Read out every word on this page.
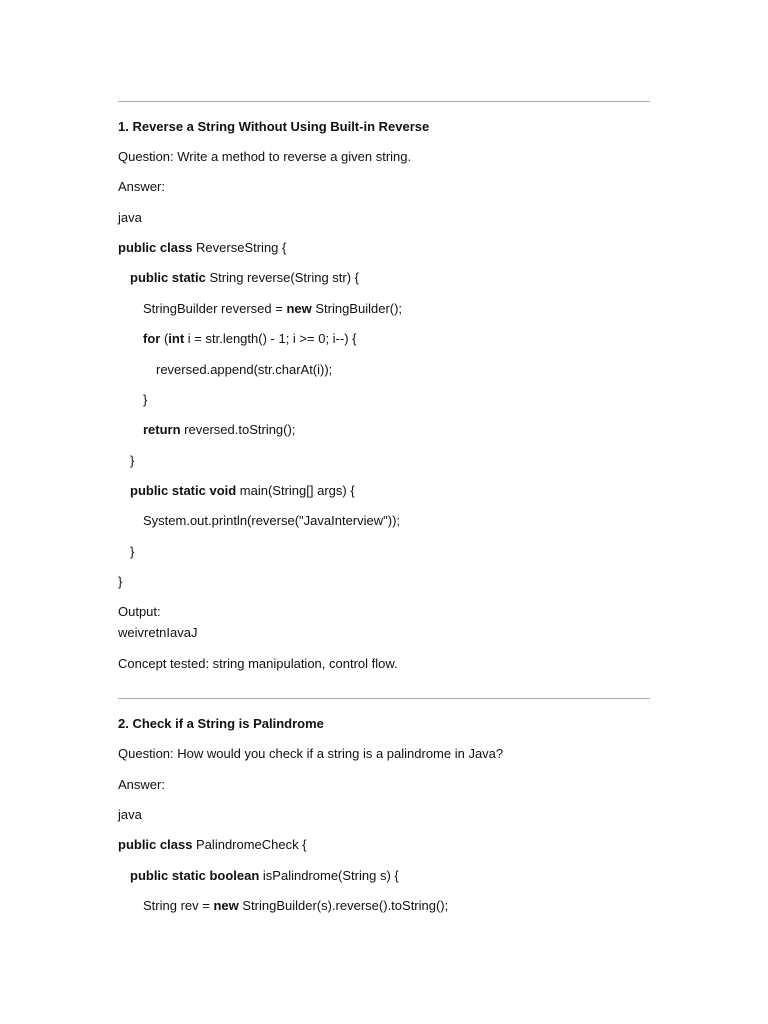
1. Reverse a String Without Using Built-in Reverse
Question: Write a method to reverse a given string.
Answer:
java
public class ReverseString {
public static String reverse(String str) {
StringBuilder reversed = new StringBuilder();
for (int i = str.length() - 1; i >= 0; i--) {
reversed.append(str.charAt(i));
}
return reversed.toString();
}
public static void main(String[] args) {
System.out.println(reverse("JavaInterview"));
}
}
Output:
weivretnIavaJ
Concept tested: string manipulation, control flow.
2. Check if a String is Palindrome
Question: How would you check if a string is a palindrome in Java?
Answer:
java
public class PalindromeCheck {
public static boolean isPalindrome(String s) {
String rev = new StringBuilder(s).reverse().toString();
